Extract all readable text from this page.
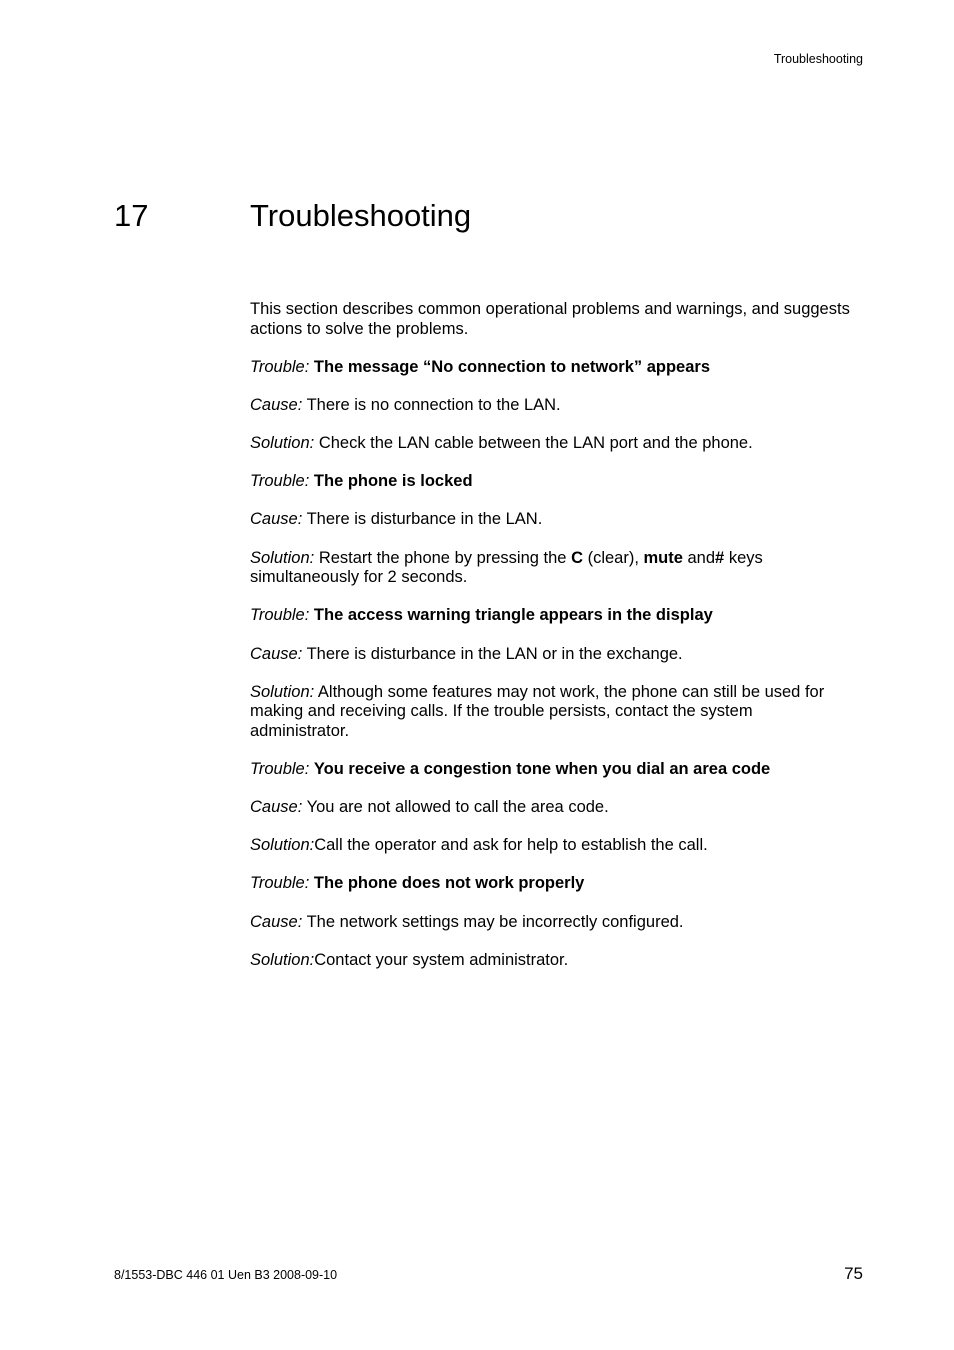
Troubleshooting
17	Troubleshooting

This section describes common operational problems and warnings, and suggests actions to solve the problems.

Trouble: The message “No connection to network” appears

Cause: There is no connection to the LAN.

Solution: Check the LAN cable between the LAN port and the phone.

Trouble: The phone is locked

Cause: There is disturbance in the LAN.

Solution: Restart the phone by pressing the C (clear), mute and# keys simultaneously for 2 seconds.

Trouble: The access warning triangle appears in the display

Cause: There is disturbance in the LAN or in the exchange.

Solution: Although some features may not work, the phone can still be used for making and receiving calls. If the trouble persists, contact the system administrator.

Trouble: You receive a congestion tone when you dial an area code

Cause: You are not allowed to call the area code.

Solution:Call the operator and ask for help to establish the call.

Trouble: The phone does not work properly

Cause: The network settings may be incorrectly configured.

Solution:Contact your system administrator.

8/1553-DBC 446 01 Uen B3 2008-09-10	75
